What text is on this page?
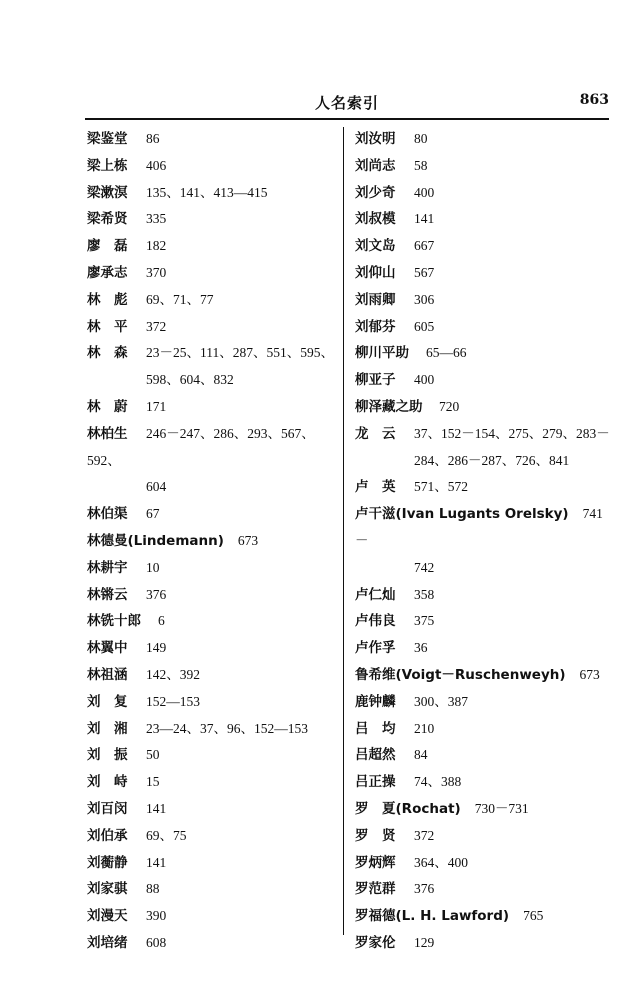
人名索引	863
梁鉴堂 86
梁上栋 406
梁漱溟 135、141、413—415
梁希贤 335
廖　磊 182
廖承志 370
林　彪 69、71、77
林　平 372
林　森 23－25、111、287、551、595、
598、604、832
林　蔚 171
林柏生 246－247、286、293、567、592、
604
林伯渠 67
林德曼(Lindemann) 673
林耕宇 10
林锵云 376
林铣十郎 6
林翼中 149
林祖涵 142、392
刘　复 152—153
刘　湘 23—24、37、96、152—153
刘　振 50
刘　峙 15
刘百闵 141
刘伯承 69、75
刘蘅静 141
刘家骐 88
刘漫天 390
刘培绪 608
刘汝明 80
刘尚志 58
刘少奇 400
刘叔模 141
刘文岛 667
刘仰山 567
刘雨卿 306
刘郁芬 605
柳川平助 65—66
柳亚子 400
柳泽藏之助 720
龙　云 37、152－154、275、279、283－
284、286－287、726、841
卢　英 571、572
卢干滋(Ivan Lugants Orelsky) 741－
742
卢仁灿 358
卢伟良 375
卢作孚 36
鲁希维(Voigt－Ruschenweyh) 673
鹿钟麟 300、387
吕　均 210
吕超然 84
吕正操 74、388
罗　夏(Rochat) 730－731
罗　贤 372
罗炳辉 364、400
罗范群 376
罗福德(L. H. Lawford) 765
罗家伦 129
